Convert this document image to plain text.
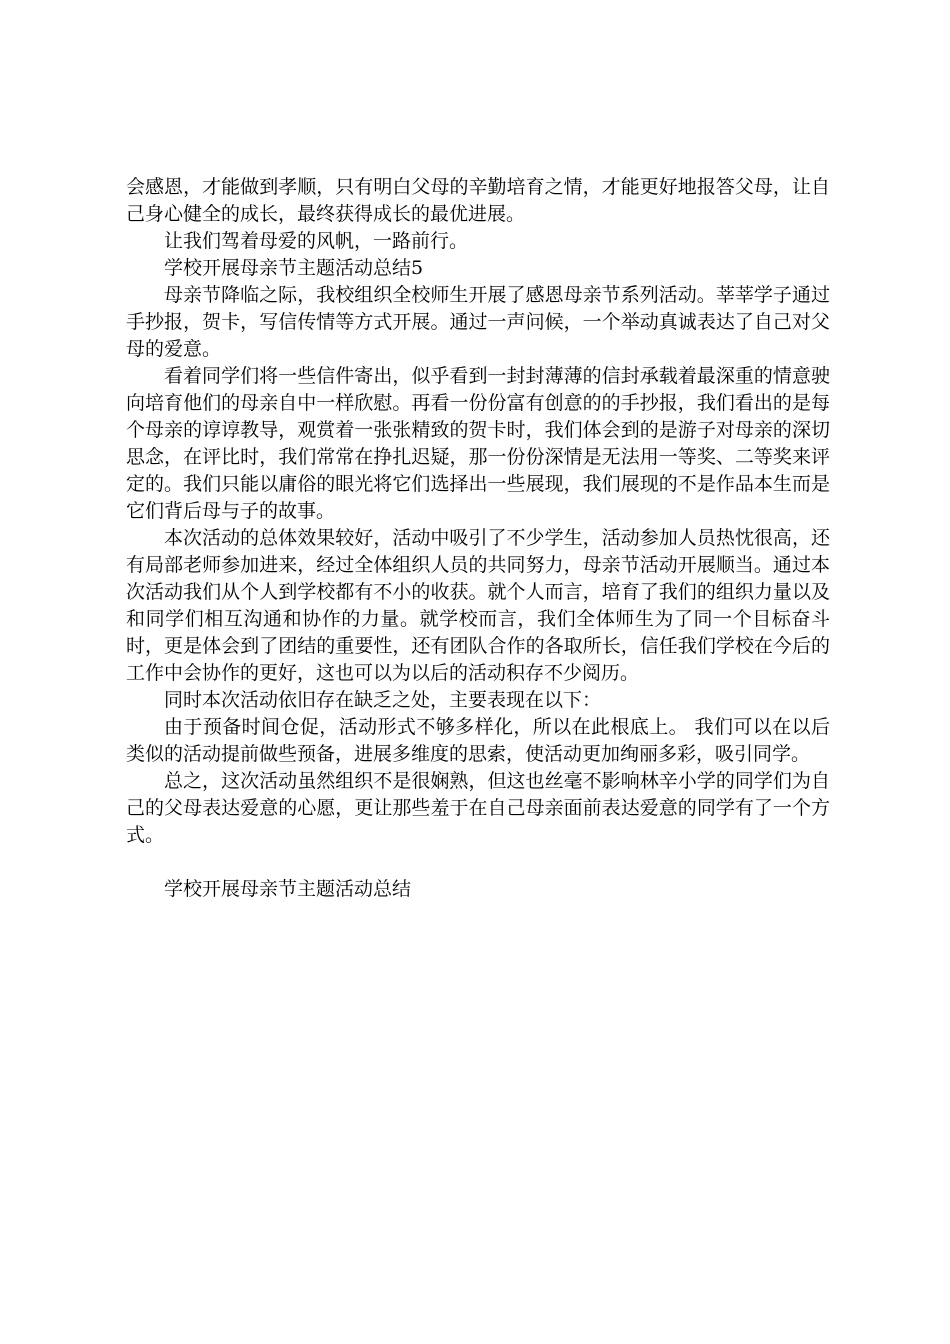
会感恩，才能做到孝顺，只有明白父母的辛勤培育之情，才能更好地报答父母，让自己身心健全的成长，最终获得成长的最优进展。

让我们驾着母爱的风帆，一路前行。

学校开展母亲节主题活动总结5

母亲节降临之际，我校组织全校师生开展了感恩母亲节系列活动。莘莘学子通过手抄报，贺卡，写信传情等方式开展。通过一声问候，一个举动真诚表达了自己对父母的爱意。

看着同学们将一些信件寄出，似乎看到一封封薄薄的信封承载着最深重的情意驶向培育他们的母亲自中一样欣慰。再看一份份富有创意的的手抄报，我们看出的是每个母亲的谆谆教导，观赏着一张张精致的贺卡时，我们体会到的是游子对母亲的深切思念，在评比时，我们常常在挣扎迟疑，那一份份深情是无法用一等奖、二等奖来评定的。我们只能以庸俗的眼光将它们选择出一些展现，我们展现的不是作品本生而是它们背后母与子的故事。

本次活动的总体效果较好，活动中吸引了不少学生，活动参加人员热忱很高，还有局部老师参加进来，经过全体组织人员的共同努力，母亲节活动开展顺当。通过本次活动我们从个人到学校都有不小的收获。就个人而言，培育了我们的组织力量以及和同学们相互沟通和协作的力量。就学校而言，我们全体师生为了同一个目标奋斗时，更是体会到了团结的重要性，还有团队合作的各取所长，信任我们学校在今后的工作中会协作的更好，这也可以为以后的活动积存不少阅历。

同时本次活动依旧存在缺乏之处，主要表现在以下：

由于预备时间仓促，活动形式不够多样化，所以在此根底上。 我们可以在以后类似的活动提前做些预备，进展多维度的思索，使活动更加绚丽多彩，吸引同学。

总之，这次活动虽然组织不是很娴熟，但这也丝毫不影响林辛小学的同学们为自己的父母表达爱意的心愿，更让那些羞于在自己母亲面前表达爱意的同学有了一个方式。

学校开展母亲节主题活动总结
